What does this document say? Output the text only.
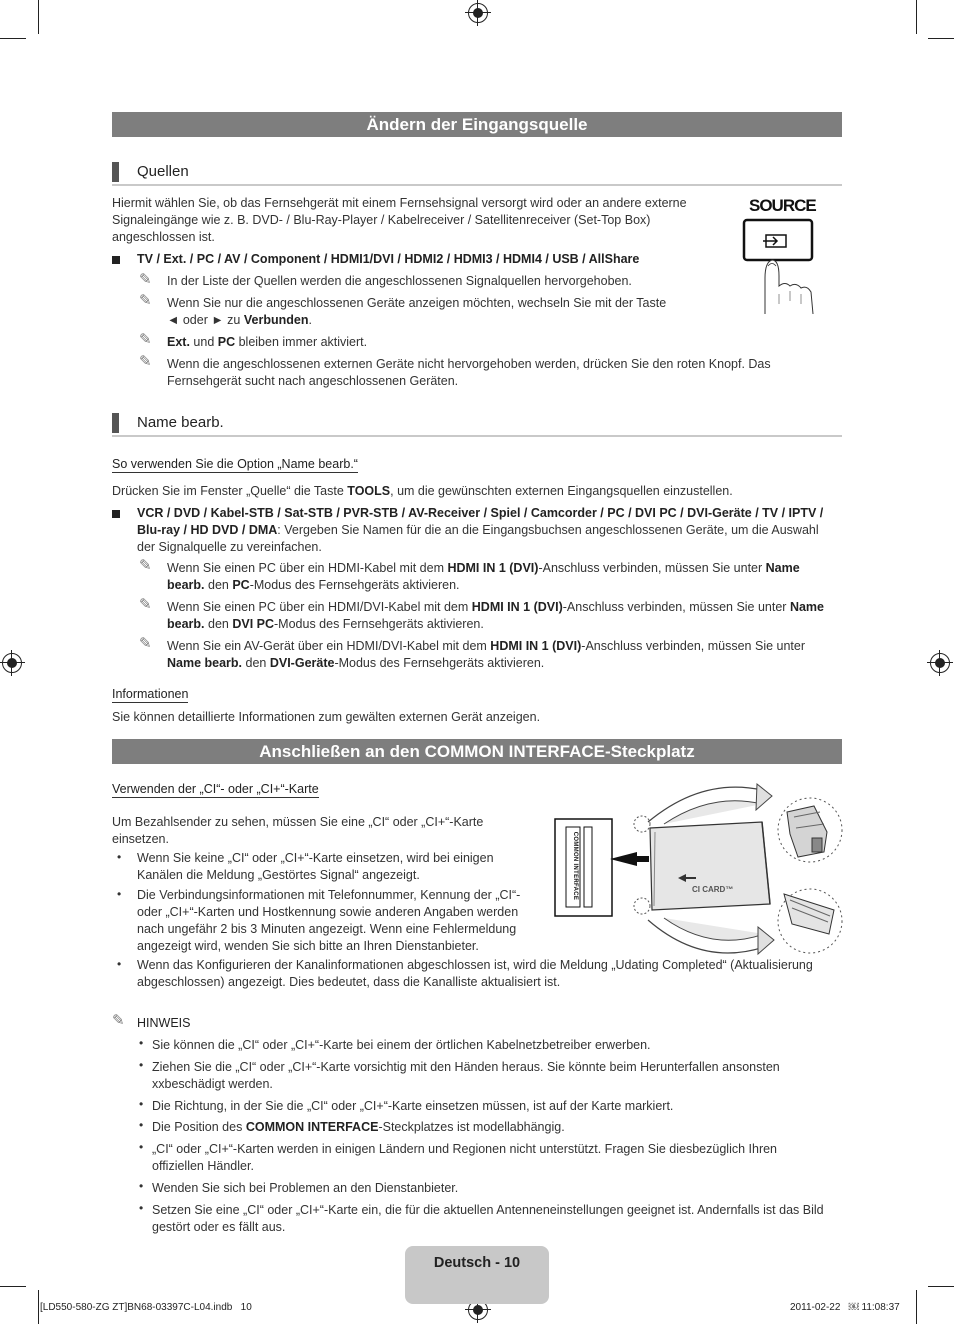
Ändern der Eingangsquelle
Quellen
Hiermit wählen Sie, ob das Fernsehgerät mit einem Fernsehsignal versorgt wird oder an andere externe Signaleingänge wie z. B. DVD- / Blu-Ray-Player / Kabelreceiver / Satellitenreceiver (Set-Top Box) angeschlossen ist.
SOURCE
TV / Ext. / PC / AV / Component / HDMI1/DVI / HDMI2 / HDMI3 / HDMI4 / USB / AllShare
✎ In der Liste der Quellen werden die angeschlossenen Signalquellen hervorgehoben.
✎ Wenn Sie nur die angeschlossenen Geräte anzeigen möchten, wechseln Sie mit der Taste
◄ oder ► zu Verbunden.
✎ Ext. und PC bleiben immer aktiviert.
✎ Wenn die angeschlossenen externen Geräte nicht hervorgehoben werden, drücken Sie den roten Knopf. Das Fernsehgerät sucht nach angeschlossenen Geräten.
Name bearb.
So verwenden Sie die Option „Name bearb.“
Drücken Sie im Fenster „Quelle“ die Taste TOOLS, um die gewünschten externen Eingangsquellen einzustellen.
VCR / DVD / Kabel-STB / Sat-STB / PVR-STB / AV-Receiver / Spiel / Camcorder / PC / DVI PC / DVI-Geräte / TV / IPTV / Blu-ray / HD DVD / DMA: Vergeben Sie Namen für die an die Eingangsbuchsen angeschlossenen Geräte, um die Auswahl der Signalquelle zu vereinfachen.
✎ Wenn Sie einen PC über ein HDMI-Kabel mit dem HDMI IN 1 (DVI)-Anschluss verbinden, müssen Sie unter Name bearb. den PC-Modus des Fernsehgeräts aktivieren.
✎ Wenn Sie einen PC über ein HDMI/DVI-Kabel mit dem HDMI IN 1 (DVI)-Anschluss verbinden, müssen Sie unter Name bearb. den DVI PC-Modus des Fernsehgeräts aktivieren.
✎ Wenn Sie ein AV-Gerät über ein HDMI/DVI-Kabel mit dem HDMI IN 1 (DVI)-Anschluss verbinden, müssen Sie unter Name bearb. den DVI-Geräte-Modus des Fernsehgeräts aktivieren.
Informationen
Sie können detaillierte Informationen zum gewälten externen Gerät anzeigen.
Anschließen an den COMMON INTERFACE-Steckplatz
Verwenden der „CI“- oder „CI+“-Karte
Um Bezahlsender zu sehen, müssen Sie eine „CI“ oder „CI+“-Karte einsetzen.
• Wenn Sie keine „CI“ oder „CI+“-Karte einsetzen, wird bei einigen Kanälen die Meldung „Gestörtes Signal“ angezeigt.
• Die Verbindungsinformationen mit Telefonnummer, Kennung der „CI“- oder „CI+“-Karten und Hostkennung sowie anderen Angaben werden nach ungefähr 2 bis 3 Minuten angezeigt. Wenn eine Fehlermeldung angezeigt wird, wenden Sie sich bitte an Ihren Dienstanbieter.
• Wenn das Konfigurieren der Kanalinformationen abgeschlossen ist, wird die Meldung „Udating Completed“ (Aktualisierung abgeschlossen) angezeigt. Dies bedeutet, dass die Kanalliste aktualisiert ist.
COMMON INTERFACE	CI CARD™
✎ HINWEIS
• Sie können die „CI“ oder „CI+“-Karte bei einem der örtlichen Kabelnetzbetreiber erwerben.
• Ziehen Sie die „CI“ oder „CI+“-Karte vorsichtig mit den Händen heraus. Sie könnte beim Herunterfallen ansonsten xxbeschädigt werden.
• Die Richtung, in der Sie die „CI“ oder „CI+“-Karte einsetzen müssen, ist auf der Karte markiert.
• Die Position des COMMON INTERFACE-Steckplatzes ist modellabhängig.
• „CI“ oder „CI+“-Karten werden in einigen Ländern und Regionen nicht unterstützt. Fragen Sie diesbezüglich Ihren offiziellen Händler.
• Wenden Sie sich bei Problemen an den Dienstanbieter.
• Setzen Sie eine „CI“ oder „CI+“-Karte ein, die für die aktuellen Antenneneinstellungen geeignet ist. Andernfalls ist das Bild gestört oder es fällt aus.
Deutsch - 10
[LD550-580-ZG ZT]BN68-03397C-L04.indb   10	2011-02-22   ￼ 11:08:37
